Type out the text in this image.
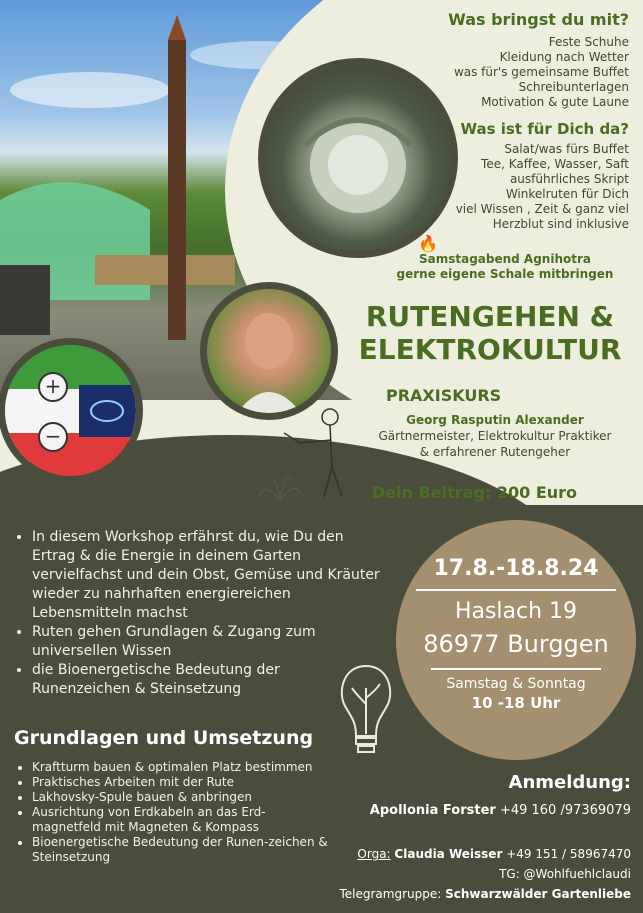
+
−
Was bringst du mit?
Feste Schuhe
Kleidung nach Wetter
was für's gemeinsame Buffet
Schreibunterlagen
Motivation & gute Laune
Was ist für Dich da?
Salat/was fürs Buffet
Tee, Kaffee, Wasser, Saft
ausführliches Skript
Winkelruten für Dich
viel Wissen , Zeit & ganz viel
Herzblut sind inklusive
🔥
Samstagabend Agnihotra
gerne eigene Schale mitbringen
RUTENGEHEN &
ELEKTROKULTUR
PRAXISKURS
Georg Rasputin Alexander
Gärtnermeister, Elektrokultur Praktiker
& erfahrener Rutengeher
Dein Beitrag: 200 Euro
• In diesem Workshop erfährst du, wie Du den Ertrag & die Energie in deinem Garten vervielfachst und dein Obst, Gemüse und Kräuter wieder zu nahrhaften energiereichen Lebensmitteln machst
• Ruten gehen Grundlagen & Zugang zum universellen Wissen
• die Bioenergetische Bedeutung der Runenzeichen & Steinsetzung
17.8.-18.8.24
Haslach 19
86977 Burggen
Samstag & Sonntag
10 -18 Uhr
Grundlagen und Umsetzung
• Kraftturm bauen & optimalen Platz bestimmen
• Praktisches Arbeiten mit der Rute
• Lakhovsky-Spule bauen & anbringen
• Ausrichtung von Erdkabeln an das Erd-magnetfeld mit Magneten & Kompass
• Bioenergetische Bedeutung der Runen-zeichen & Steinsetzung
Anmeldung:
Apollonia Forster +49 160 /97369079
Orga: Claudia Weisser +49 151 / 58967470
TG: @Wohlfuehlclaudi
Telegramgruppe: Schwarzwälder Gartenliebe
